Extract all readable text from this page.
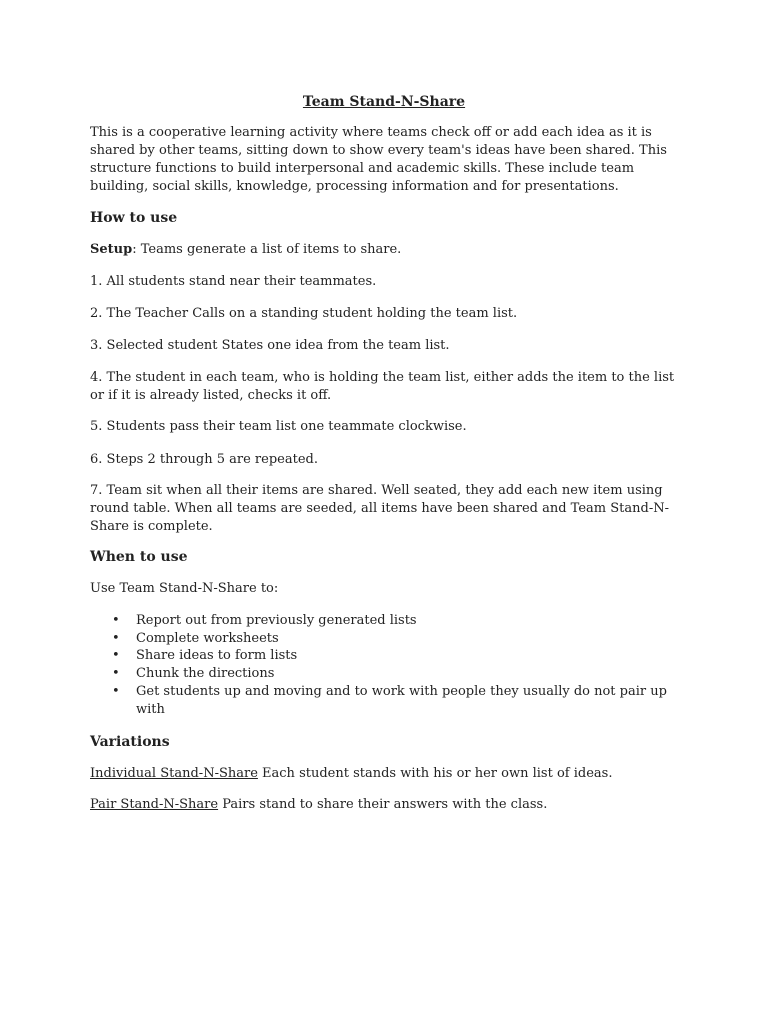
Team Stand-N-Share
This is a cooperative learning activity where teams check off or add each idea as it is
shared by other teams, sitting down to show every team's ideas have been shared. This
structure functions to build interpersonal and academic skills. These include team
building, social skills, knowledge, processing information and for presentations.
How to use
Setup: Teams generate a list of items to share.
1. All students stand near their teammates.
2. The Teacher Calls on a standing student holding the team list.
3. Selected student States one idea from the team list.
4. The student in each team, who is holding the team list, either adds the item to the list
or if it is already listed, checks it off.
5. Students pass their team list one teammate clockwise.
6. Steps 2 through 5 are repeated.
7. Team sit when all their items are shared. Well seated, they add each new item using
round table. When all teams are seeded, all items have been shared and Team Stand-N-
Share is complete.
When to use
Use Team Stand-N-Share to:
• Report out from previously generated lists
• Complete worksheets
• Share ideas to form lists
• Chunk the directions
• Get students up and moving and to work with people they usually do not pair up
with
Variations
Individual Stand-N-Share Each student stands with his or her own list of ideas.
Pair Stand-N-Share Pairs stand to share their answers with the class.
